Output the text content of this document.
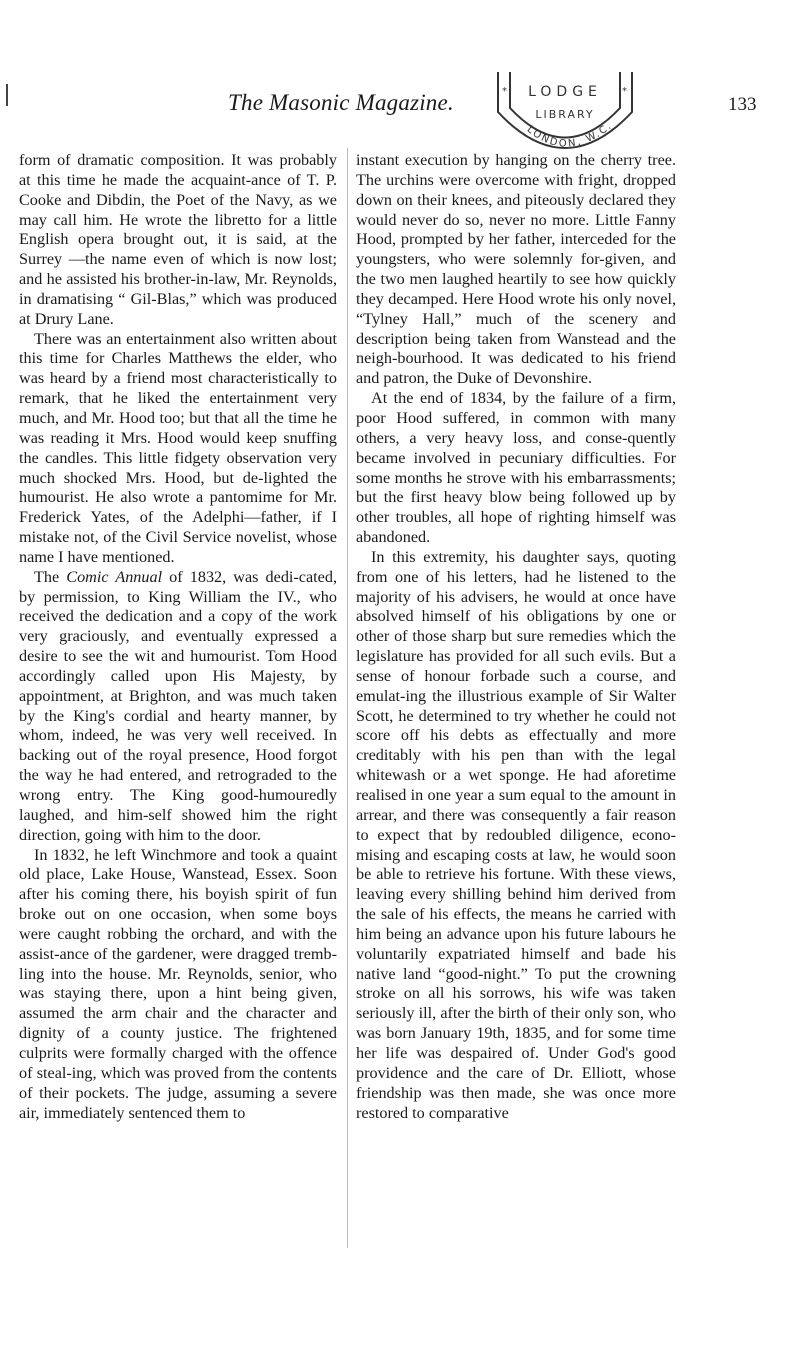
The Masonic Magazine.	*	*
LODGE
LIBRARY
LONDON, W.C.
133

form of dramatic composition. It was probably at this time he made the acquaint-ance of T. P. Cooke and Dibdin, the Poet of the Navy, as we may call him. He wrote the libretto for a little English opera brought out, it is said, at the Surrey —the name even of which is now lost; and he assisted his brother-in-law, Mr. Reynolds, in dramatising “ Gil-Blas,” which was produced at Drury Lane.

There was an entertainment also written about this time for Charles Matthews the elder, who was heard by a friend most characteristically to remark, that he liked the entertainment very much, and Mr. Hood too; but that all the time he was reading it Mrs. Hood would keep snuffing the candles. This little fidgety observation very much shocked Mrs. Hood, but de-lighted the humourist. He also wrote a pantomime for Mr. Frederick Yates, of the Adelphi—father, if I mistake not, of the Civil Service novelist, whose name I have mentioned.

The Comic Annual of 1832, was dedi-cated, by permission, to King William the IV., who received the dedication and a copy of the work very graciously, and eventually expressed a desire to see the wit and humourist. Tom Hood accordingly called upon His Majesty, by appointment, at Brighton, and was much taken by the King's cordial and hearty manner, by whom, indeed, he was very well received. In backing out of the royal presence, Hood forgot the way he had entered, and retrograded to the wrong entry. The King good-humouredly laughed, and him-self showed him the right direction, going with him to the door.

In 1832, he left Winchmore and took a quaint old place, Lake House, Wanstead, Essex. Soon after his coming there, his boyish spirit of fun broke out on one occasion, when some boys were caught robbing the orchard, and with the assist-ance of the gardener, were dragged tremb-ling into the house. Mr. Reynolds, senior, who was staying there, upon a hint being given, assumed the arm chair and the character and dignity of a county justice. The frightened culprits were formally charged with the offence of steal-ing, which was proved from the contents of their pockets. The judge, assuming a severe air, immediately sentenced them to

instant execution by hanging on the cherry tree. The urchins were overcome with fright, dropped down on their knees, and piteously declared they would never do so, never no more. Little Fanny Hood, prompted by her father, interceded for the youngsters, who were solemnly for-given, and the two men laughed heartily to see how quickly they decamped. Here Hood wrote his only novel, “Tylney Hall,” much of the scenery and description being taken from Wanstead and the neigh-bourhood. It was dedicated to his friend and patron, the Duke of Devonshire.

At the end of 1834, by the failure of a firm, poor Hood suffered, in common with many others, a very heavy loss, and conse-quently became involved in pecuniary difficulties. For some months he strove with his embarrassments; but the first heavy blow being followed up by other troubles, all hope of righting himself was abandoned.

In this extremity, his daughter says, quoting from one of his letters, had he listened to the majority of his advisers, he would at once have absolved himself of his obligations by one or other of those sharp but sure remedies which the legislature has provided for all such evils. But a sense of honour forbade such a course, and emulat-ing the illustrious example of Sir Walter Scott, he determined to try whether he could not score off his debts as effectually and more creditably with his pen than with the legal whitewash or a wet sponge. He had aforetime realised in one year a sum equal to the amount in arrear, and there was consequently a fair reason to expect that by redoubled diligence, econo-mising and escaping costs at law, he would soon be able to retrieve his fortune. With these views, leaving every shilling behind him derived from the sale of his effects, the means he carried with him being an advance upon his future labours he voluntarily expatriated himself and bade his native land “good-night.” To put the crowning stroke on all his sorrows, his wife was taken seriously ill, after the birth of their only son, who was born January 19th, 1835, and for some time her life was despaired of. Under God's good providence and the care of Dr. Elliott, whose friendship was then made, she was once more restored to comparative
